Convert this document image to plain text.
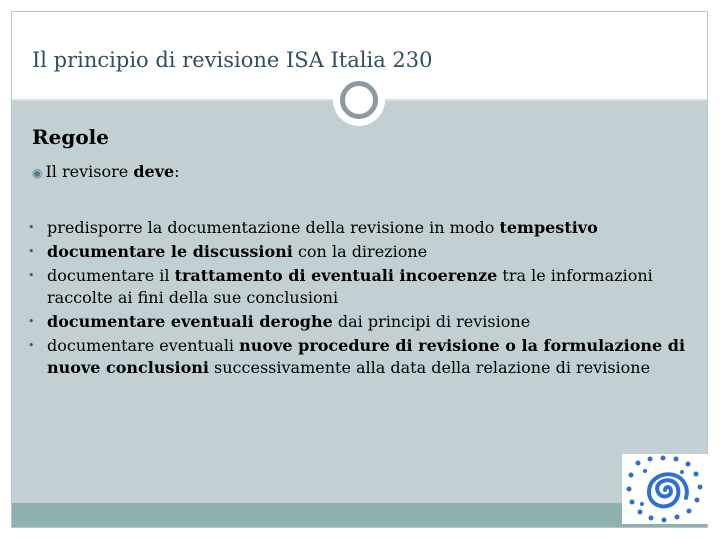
Il principio di revisione ISA Italia 230
Regole
◉ Il revisore deve:
• predisporre la documentazione della revisione in modo tempestivo
• documentare le discussioni con la direzione
• documentare il trattamento di eventuali incoerenze tra le informazioni raccolte ai fini della sue conclusioni
• documentare eventuali deroghe dai principi di revisione
• documentare eventuali nuove procedure di revisione o la formulazione di nuove conclusioni successivamente alla data della relazione di revisione
